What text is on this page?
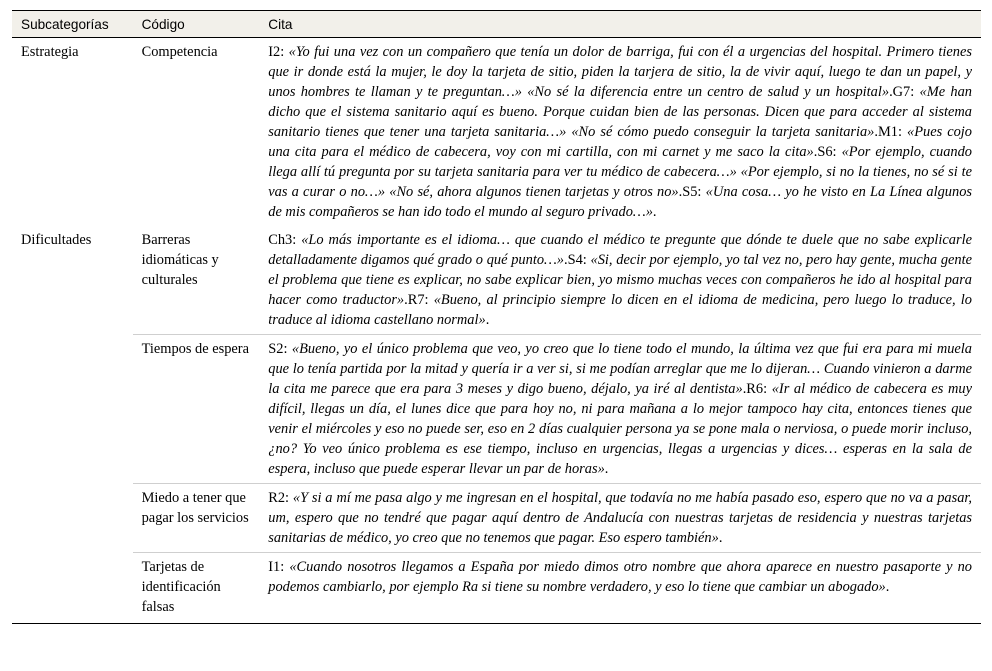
Subcategorías	Código	Cita
Estrategia	Competencia	I2: «Yo fui una vez con un compañero que tenía un dolor de barriga, fui con él a urgencias del hospital. Primero tienes que ir donde está la mujer, le doy la tarjeta de sitio, piden la tarjera de sitio, la de vivir aquí, luego te dan un papel, y unos hombres te llaman y te preguntan…» «No sé la diferencia entre un centro de salud y un hospital».G7: «Me han dicho que el sistema sanitario aquí es bueno. Porque cuidan bien de las personas. Dicen que para acceder al sistema sanitario tienes que tener una tarjeta sanitaria…» «No sé cómo puedo conseguir la tarjeta sanitaria».M1: «Pues cojo una cita para el médico de cabecera, voy con mi cartilla, con mi carnet y me saco la cita».S6: «Por ejemplo, cuando llega allí tú pregunta por su tarjeta sanitaria para ver tu médico de cabecera…» «Por ejemplo, si no la tienes, no sé si te vas a curar o no…» «No sé, ahora algunos tienen tarjetas y otros no».S5: «Una cosa… yo he visto en La Línea algunos de mis compañeros se han ido todo el mundo al seguro privado…».
Dificultades	Barreras idiomáticas y culturales	Ch3: «Lo más importante es el idioma… que cuando el médico te pregunte que dónde te duele que no sabe explicarle detalladamente digamos qué grado o qué punto…».S4: «Si, decir por ejemplo, yo tal vez no, pero hay gente, mucha gente el problema que tiene es explicar, no sabe explicar bien, yo mismo muchas veces con compañeros he ido al hospital para hacer como traductor».R7: «Bueno, al principio siempre lo dicen en el idioma de medicina, pero luego lo traduce, lo traduce al idioma castellano normal».
	Tiempos de espera	S2: «Bueno, yo el único problema que veo, yo creo que lo tiene todo el mundo, la última vez que fui era para mi muela que lo tenía partida por la mitad y quería ir a ver si, si me podían arreglar que me lo dijeran… Cuando vinieron a darme la cita me parece que era para 3 meses y digo bueno, déjalo, ya iré al dentista».R6: «Ir al médico de cabecera es muy difícil, llegas un día, el lunes dice que para hoy no, ni para mañana a lo mejor tampoco hay cita, entonces tienes que venir el miércoles y eso no puede ser, eso en 2 días cualquier persona ya se pone mala o nerviosa, o puede morir incluso, ¿no? Yo veo único problema es ese tiempo, incluso en urgencias, llegas a urgencias y dices… esperas en la sala de espera, incluso que puede esperar llevar un par de horas».
	Miedo a tener que pagar los servicios	R2: «Y si a mí me pasa algo y me ingresan en el hospital, que todavía no me había pasado eso, espero que no va a pasar, um, espero que no tendré que pagar aquí dentro de Andalucía con nuestras tarjetas de residencia y nuestras tarjetas sanitarias de médico, yo creo que no tenemos que pagar. Eso espero también».
	Tarjetas de identificación falsas	I1: «Cuando nosotros llegamos a España por miedo dimos otro nombre que ahora aparece en nuestro pasaporte y no podemos cambiarlo, por ejemplo Ra si tiene su nombre verdadero, y eso lo tiene que cambiar un abogado».
